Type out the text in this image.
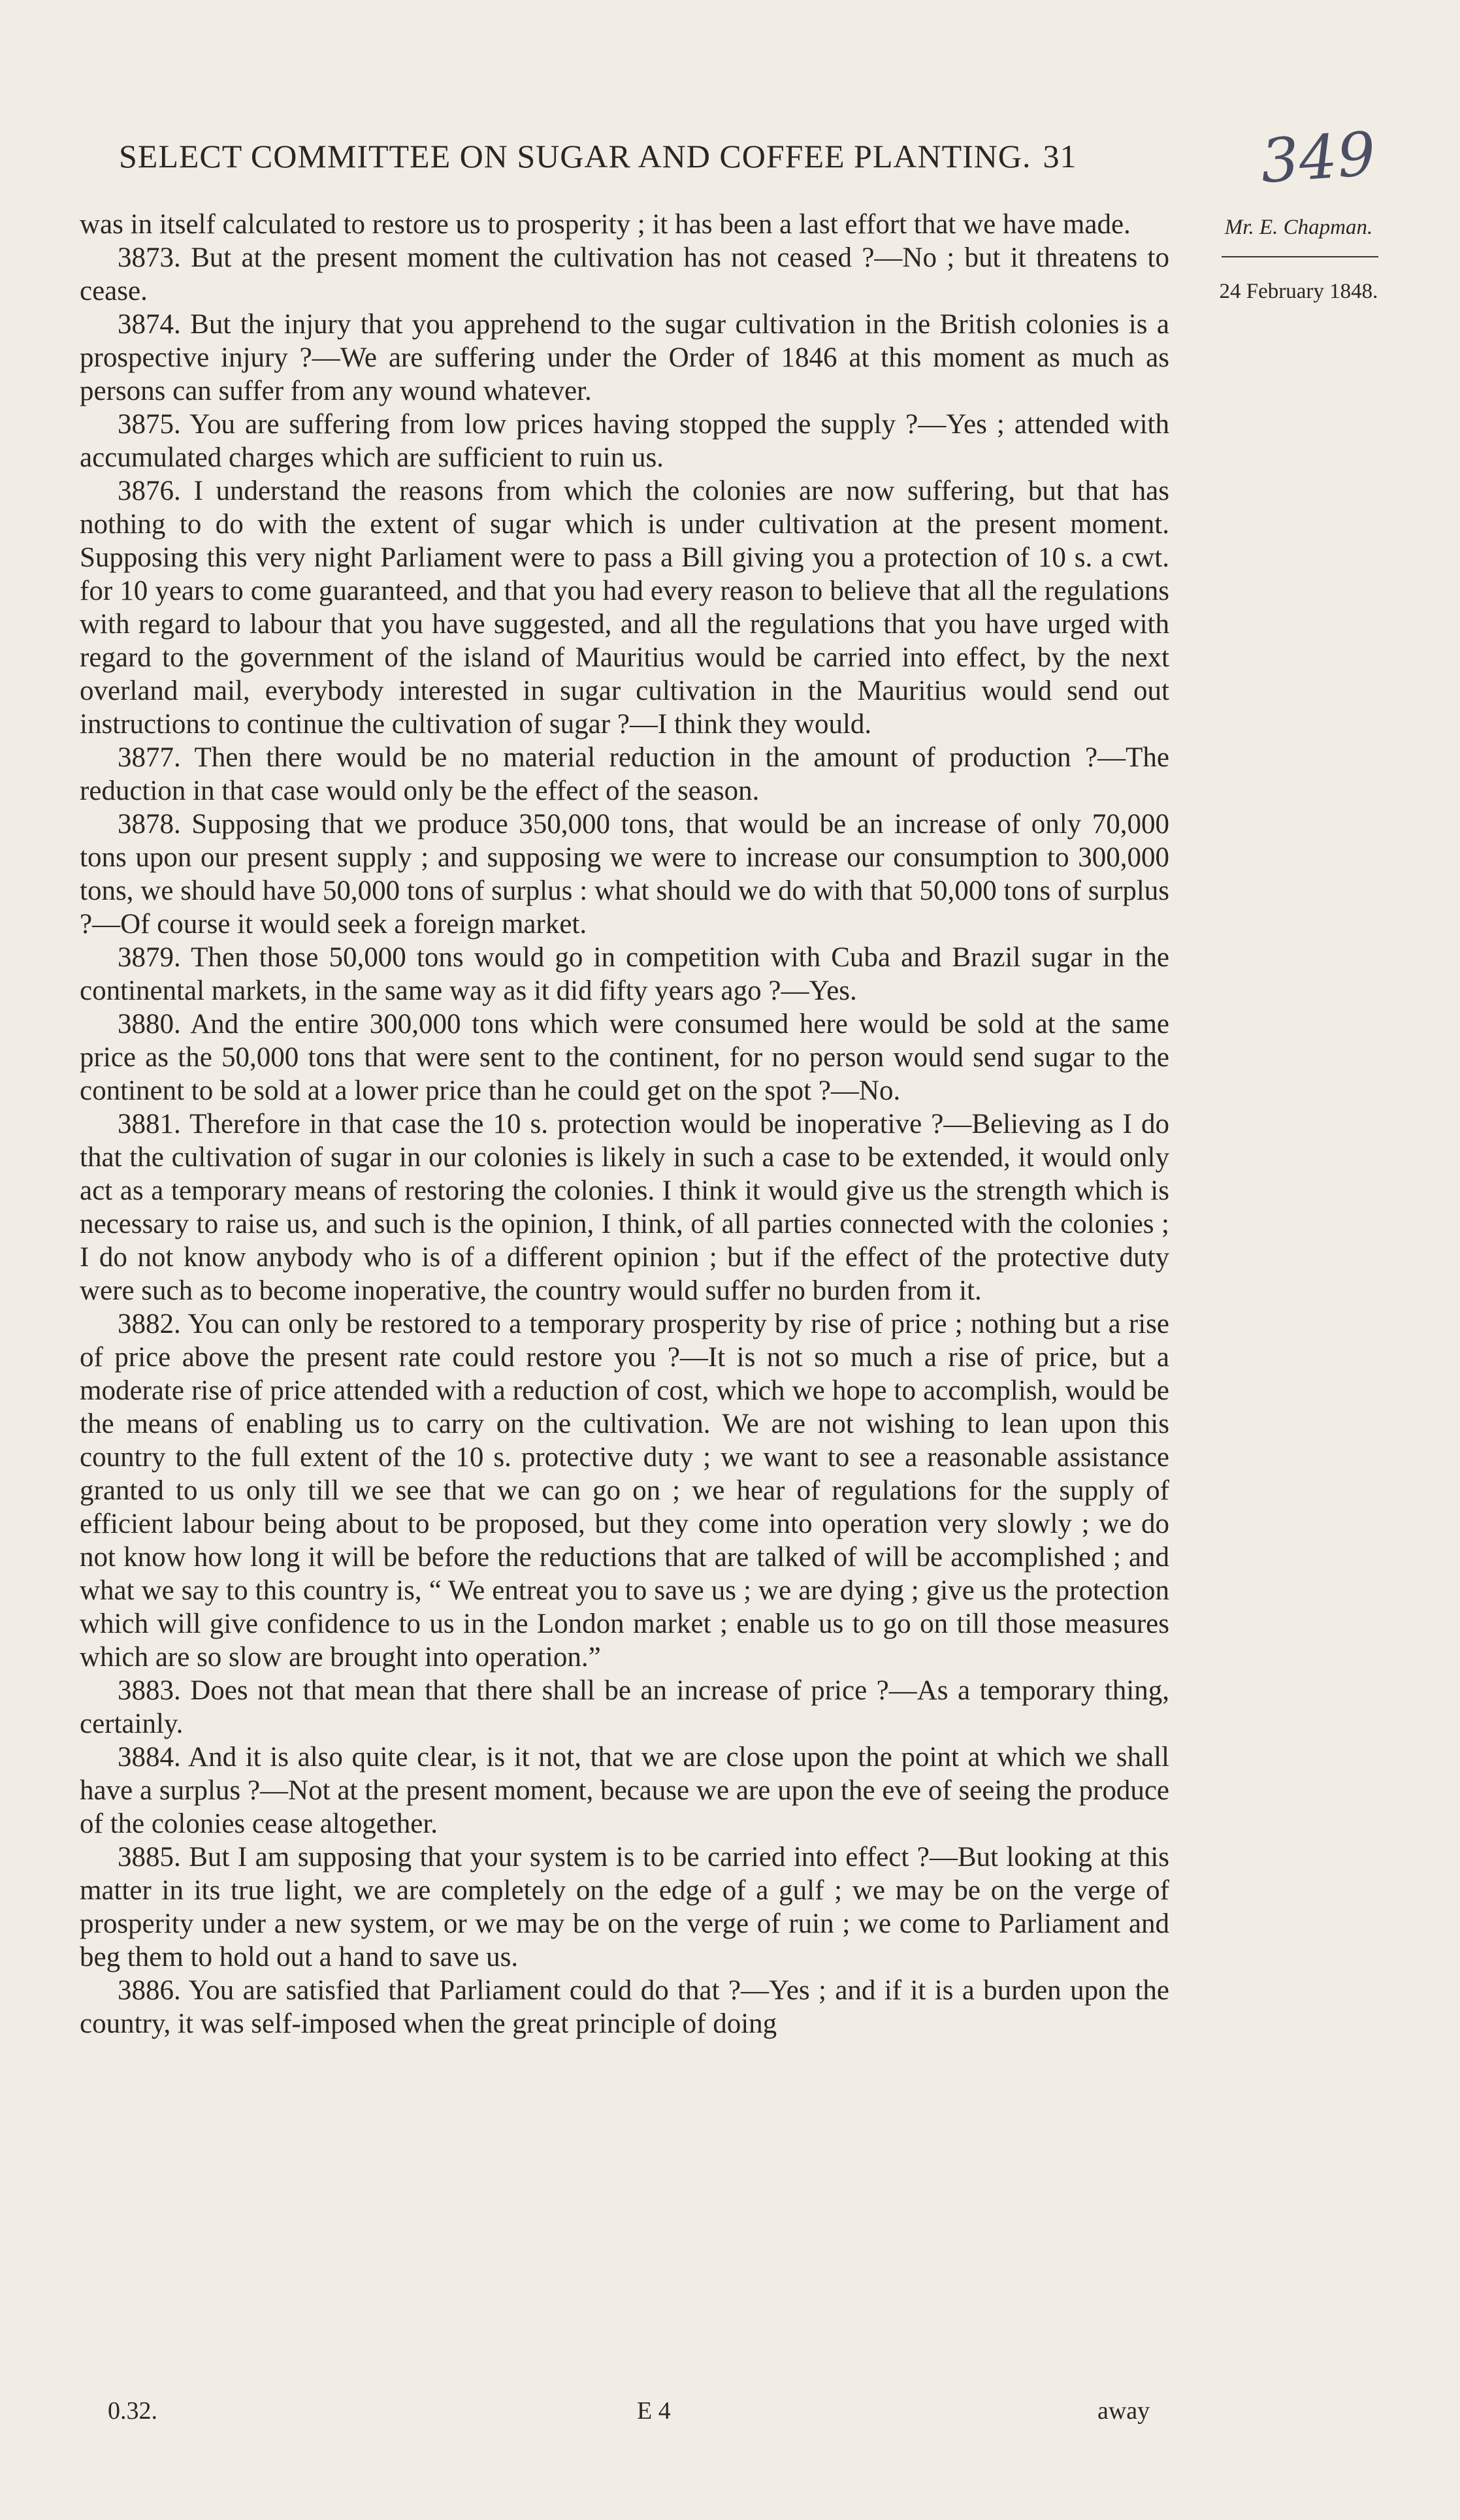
349
SELECT COMMITTEE ON SUGAR AND COFFEE PLANTING. 31
Mr. E. Chapman.
24 February 1848.

was in itself calculated to restore us to prosperity ; it has been a last effort that we have made.

3873. But at the present moment the cultivation has not ceased ?—No ; but it threatens to cease.

3874. But the injury that you apprehend to the sugar cultivation in the British colonies is a prospective injury ?—We are suffering under the Order of 1846 at this moment as much as persons can suffer from any wound whatever.

3875. You are suffering from low prices having stopped the supply ?—Yes ; attended with accumulated charges which are sufficient to ruin us.

3876. I understand the reasons from which the colonies are now suffering, but that has nothing to do with the extent of sugar which is under cultivation at the present moment. Supposing this very night Parliament were to pass a Bill giving you a protection of 10 s. a cwt. for 10 years to come guaranteed, and that you had every reason to believe that all the regulations with regard to labour that you have suggested, and all the regulations that you have urged with regard to the government of the island of Mauritius would be carried into effect, by the next overland mail, everybody interested in sugar cultivation in the Mauritius would send out instructions to continue the cultivation of sugar ?—I think they would.

3877. Then there would be no material reduction in the amount of production ?—The reduction in that case would only be the effect of the season.

3878. Supposing that we produce 350,000 tons, that would be an increase of only 70,000 tons upon our present supply ; and supposing we were to increase our consumption to 300,000 tons, we should have 50,000 tons of surplus : what should we do with that 50,000 tons of surplus ?—Of course it would seek a foreign market.

3879. Then those 50,000 tons would go in competition with Cuba and Brazil sugar in the continental markets, in the same way as it did fifty years ago ?—Yes.

3880. And the entire 300,000 tons which were consumed here would be sold at the same price as the 50,000 tons that were sent to the continent, for no person would send sugar to the continent to be sold at a lower price than he could get on the spot ?—No.

3881. Therefore in that case the 10 s. protection would be inoperative ?—Believing as I do that the cultivation of sugar in our colonies is likely in such a case to be extended, it would only act as a temporary means of restoring the colonies. I think it would give us the strength which is necessary to raise us, and such is the opinion, I think, of all parties connected with the colonies ; I do not know anybody who is of a different opinion ; but if the effect of the protective duty were such as to become inoperative, the country would suffer no burden from it.

3882. You can only be restored to a temporary prosperity by rise of price ; nothing but a rise of price above the present rate could restore you ?—It is not so much a rise of price, but a moderate rise of price attended with a reduction of cost, which we hope to accomplish, would be the means of enabling us to carry on the cultivation. We are not wishing to lean upon this country to the full extent of the 10 s. protective duty ; we want to see a reasonable assistance granted to us only till we see that we can go on ; we hear of regulations for the supply of efficient labour being about to be proposed, but they come into operation very slowly ; we do not know how long it will be before the reductions that are talked of will be accomplished ; and what we say to this country is, “ We entreat you to save us ; we are dying ; give us the protection which will give confidence to us in the London market ; enable us to go on till those measures which are so slow are brought into operation.”

3883. Does not that mean that there shall be an increase of price ?—As a temporary thing, certainly.

3884. And it is also quite clear, is it not, that we are close upon the point at which we shall have a surplus ?—Not at the present moment, because we are upon the eve of seeing the produce of the colonies cease altogether.

3885. But I am supposing that your system is to be carried into effect ?—But looking at this matter in its true light, we are completely on the edge of a gulf ; we may be on the verge of prosperity under a new system, or we may be on the verge of ruin ; we come to Parliament and beg them to hold out a hand to save us.

3886. You are satisfied that Parliament could do that ?—Yes ; and if it is a burden upon the country, it was self-imposed when the great principle of doing

0.32.	E 4	away
